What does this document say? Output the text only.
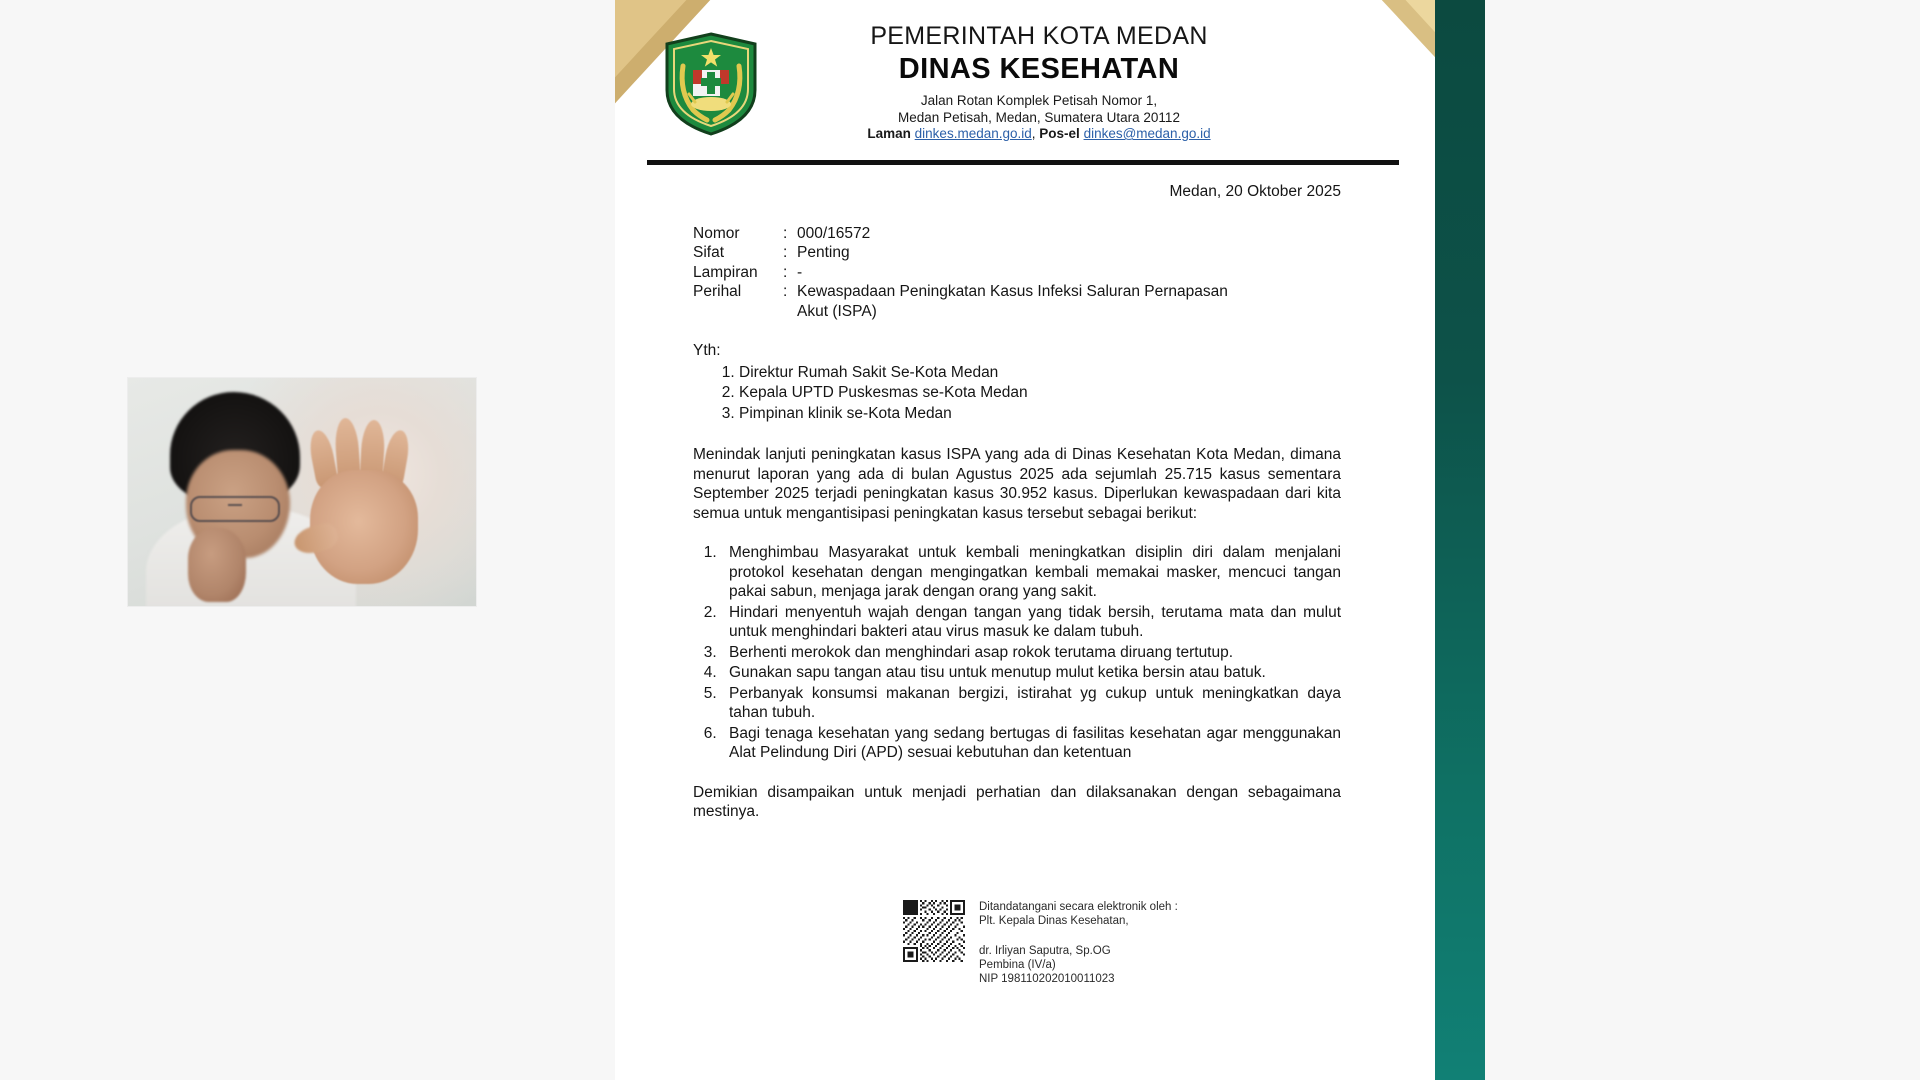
PEMERINTAH KOTA MEDAN
DINAS KESEHATAN
Jalan Rotan Komplek Petisah Nomor 1,
Medan Petisah, Medan, Sumatera Utara 20112
Laman dinkes.medan.go.id, Pos-el dinkes@medan.go.id
Medan, 20 Oktober 2025
Nomor	: 000/16572
Sifat	: Penting
Lampiran	: -
Perihal	: Kewaspadaan Peningkatan Kasus Infeksi Saluran Pernapasan
Akut (ISPA)
Yth:
1. Direktur Rumah Sakit Se-Kota Medan
2. Kepala UPTD Puskesmas se-Kota Medan
3. Pimpinan klinik se-Kota Medan
Menindak lanjuti peningkatan kasus ISPA yang ada di Dinas Kesehatan Kota Medan, dimana menurut laporan yang ada di bulan Agustus 2025 ada sejumlah 25.715 kasus sementara September 2025 terjadi peningkatan kasus 30.952 kasus. Diperlukan kewaspadaan dari kita semua untuk mengantisipasi peningkatan kasus tersebut sebagai berikut:
1. Menghimbau Masyarakat untuk kembali meningkatkan disiplin diri dalam menjalani protokol kesehatan dengan mengingatkan kembali memakai masker, mencuci tangan pakai sabun, menjaga jarak dengan orang yang sakit.
2. Hindari menyentuh wajah dengan tangan yang tidak bersih, terutama mata dan mulut untuk menghindari bakteri atau virus masuk ke dalam tubuh.
3. Berhenti merokok dan menghindari asap rokok terutama diruang tertutup.
4. Gunakan sapu tangan atau tisu untuk menutup mulut ketika bersin atau batuk.
5. Perbanyak konsumsi makanan bergizi, istirahat yg cukup untuk meningkatkan daya tahan tubuh.
6. Bagi tenaga kesehatan yang sedang bertugas di fasilitas kesehatan agar menggunakan Alat Pelindung Diri (APD) sesuai kebutuhan dan ketentuan
Demikian disampaikan untuk menjadi perhatian dan dilaksanakan dengan sebagaimana mestinya.
Ditandatangani secara elektronik oleh :
Plt. Kepala Dinas Kesehatan,
dr. Irliyan Saputra, Sp.OG
Pembina (IV/a)
NIP 198110202010011023
